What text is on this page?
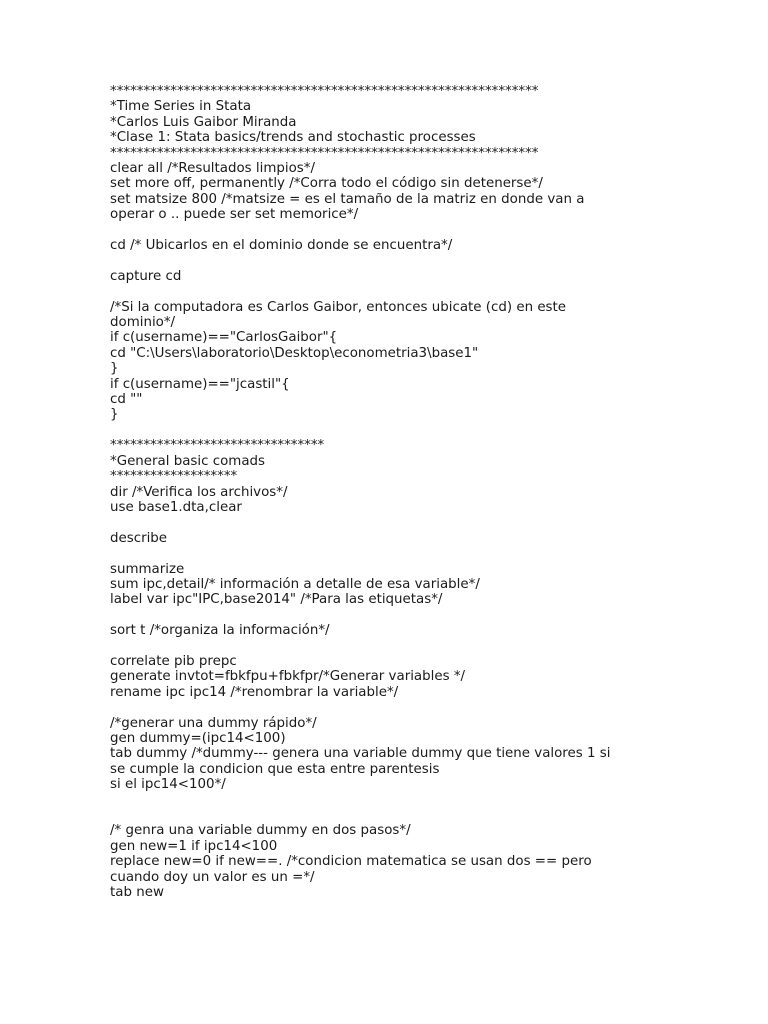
****************************************************************
*Time Series in Stata
*Carlos Luis Gaibor Miranda
*Clase 1: Stata basics/trends and stochastic processes
****************************************************************
clear all /*Resultados limpios*/
set more off, permanently /*Corra todo el código sin detenerse*/
set matsize 800 /*matsize = es el tamaño de la matriz en donde van a
operar o .. puede ser set memorice*/
cd /* Ubicarlos en el dominio donde se encuentra*/
capture cd
/*Si la computadora es Carlos Gaibor, entonces ubicate (cd) en este
dominio*/
if c(username)=="CarlosGaibor"{
cd "C:\Users\laboratorio\Desktop\econometria3\base1"
}
if c(username)=="jcastil"{
cd ""
}
********************************
*General basic comads
*******************
dir /*Verifica los archivos*/
use base1.dta,clear
describe
summarize
sum ipc,detail/* información a detalle de esa variable*/
label var ipc"IPC,base2014" /*Para las etiquetas*/
sort t /*organiza la información*/
correlate pib prepc
generate invtot=fbkfpu+fbkfpr/*Generar variables */
rename ipc ipc14 /*renombrar la variable*/
/*generar una dummy rápido*/
gen dummy=(ipc14<100)
tab dummy /*dummy--- genera una variable dummy que tiene valores 1 si
se cumple la condicion que esta entre parentesis
si el ipc14<100*/
/* genra una variable dummy en dos pasos*/
gen new=1 if ipc14<100
replace new=0 if new==. /*condicion matematica se usan dos == pero
cuando doy un valor es un =*/
tab new
